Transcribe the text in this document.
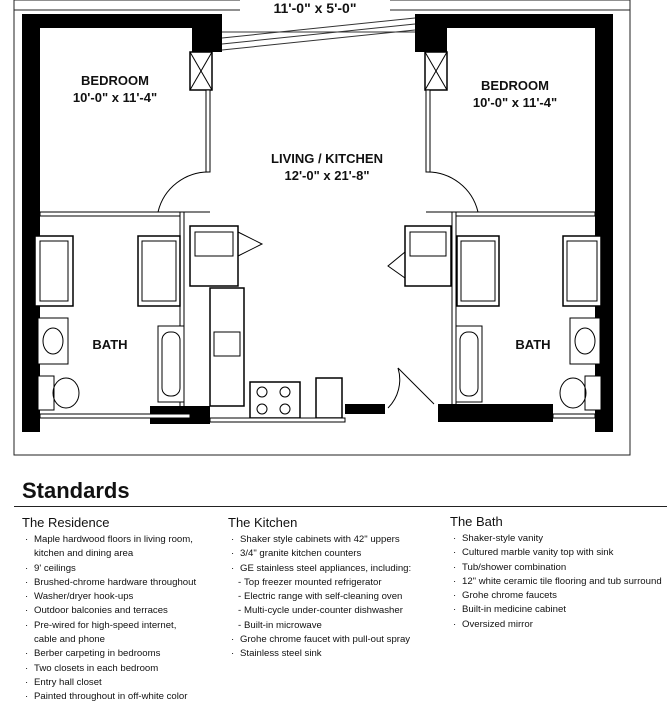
11'-0" x 5'-0"
BEDROOM
10'-0" x 11'-4"
LIVING / KITCHEN
12'-0" x 21'-8"
BEDROOM
10'-0" x 11'-4"
BATH	BATH
Standards
The Residence
· Maple hardwood floors in living room,
kitchen and dining area
· 9' ceilings
· Brushed-chrome hardware throughout
· Washer/dryer hook-ups
· Outdoor balconies and terraces
· Pre-wired for high-speed internet,
cable and phone
· Berber carpeting in bedrooms
· Two closets in each bedroom
· Entry hall closet
· Painted throughout in off-white color
The Kitchen
· Shaker style cabinets with 42" uppers
· 3/4" granite kitchen counters
· GE stainless steel appliances, including:
- Top freezer mounted refrigerator
- Electric range with self-cleaning oven
- Multi-cycle under-counter dishwasher
- Built-in microwave
· Grohe chrome faucet with pull-out spray
· Stainless steel sink
The Bath
· Shaker-style vanity
· Cultured marble vanity top with sink
· Tub/shower combination
· 12" white ceramic tile flooring and tub surround
· Grohe chrome faucets
· Built-in medicine cabinet
· Oversized mirror
